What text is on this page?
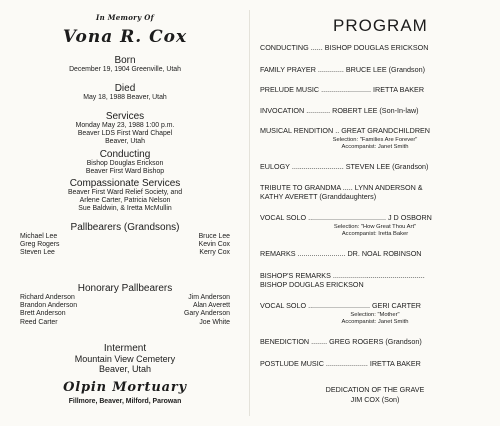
In Memory Of
Vona R. Cox
Born
December 19, 1904 Greenville, Utah
Died
May 18, 1988 Beaver, Utah
Services
Monday May 23, 1988 1:00 p.m.
Beaver LDS First Ward Chapel
Beaver, Utah
Conducting
Bishop Douglas Erickson
Beaver First Ward Bishop
Compassionate Services
Beaver First Ward Relief Society, and
Arlene Carter, Patricia Nelson
Sue Baldwin, & Iretta McMullin
Pallbearers (Grandsons)
Michael Lee	Bruce Lee
Greg Rogers	Kevin Cox
Steven Lee	Kerry Cox
Honorary Pallbearers
Richard Anderson	Jim Anderson
Brandon Anderson	Alan Averett
Brett Anderson	Gary Anderson
Reed Carter	Joe White
Interment
Mountain View Cemetery
Beaver, Utah
Olpin Mortuary
Fillmore, Beaver, Milford, Parowan
PROGRAM
CONDUCTING ...... BISHOP DOUGLAS ERICKSON
FAMILY PRAYER ............. BRUCE LEE (Grandson)
PRELUDE MUSIC ......................... IRETTA BAKER
INVOCATION ............ ROBERT LEE (Son-In-law)
MUSICAL RENDITION .. GREAT GRANDCHILDREN
Selection: "Families Are Forever"
Accompanist: Janet Smith
EULOGY .......................... STEVEN LEE (Grandson)
TRIBUTE TO GRANDMA ..... LYNN ANDERSON &
KATHY AVERETT (Granddaughters)
VOCAL SOLO ....................................... J D OSBORN
Selection: "How Great Thou Art"
Accompanist: Iretta Baker
REMARKS ........................ DR. NOAL ROBINSON
BISHOP'S REMARKS ..............................................
BISHOP DOUGLAS ERICKSON
VOCAL SOLO ............................... GERI CARTER
Selection: "Mother"
Accompanist: Janet Smith
BENEDICTION ........ GREG ROGERS (Grandson)
POSTLUDE MUSIC ..................... IRETTA BAKER
DEDICATION OF THE GRAVE
JIM COX (Son)
